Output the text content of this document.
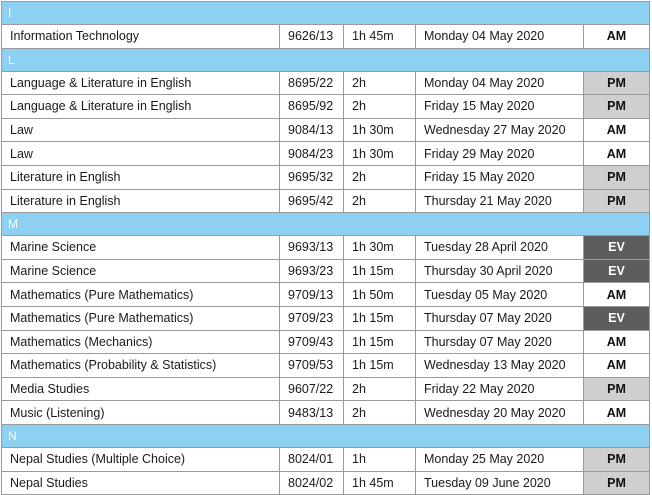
I				
Information Technology	9626/13	1h 45m	Monday 04 May 2020	AM
L				
Language & Literature in English	8695/22	2h	Monday 04 May 2020	PM
Language & Literature in English	8695/92	2h	Friday 15 May 2020	PM
Law	9084/13	1h 30m	Wednesday 27 May 2020	AM
Law	9084/23	1h 30m	Friday 29 May 2020	AM
Literature in English	9695/32	2h	Friday 15 May 2020	PM
Literature in English	9695/42	2h	Thursday 21 May 2020	PM
M				
Marine Science	9693/13	1h 30m	Tuesday 28 April 2020	EV
Marine Science	9693/23	1h 15m	Thursday 30 April 2020	EV
Mathematics (Pure Mathematics)	9709/13	1h 50m	Tuesday 05 May 2020	AM
Mathematics (Pure Mathematics)	9709/23	1h 15m	Thursday 07 May 2020	EV
Mathematics (Mechanics)	9709/43	1h 15m	Thursday 07 May 2020	AM
Mathematics (Probability & Statistics)	9709/53	1h 15m	Wednesday 13 May 2020	AM
Media Studies	9607/22	2h	Friday 22 May 2020	PM
Music (Listening)	9483/13	2h	Wednesday 20 May 2020	AM
N				
Nepal Studies (Multiple Choice)	8024/01	1h	Monday 25 May 2020	PM
Nepal Studies	8024/02	1h 45m	Tuesday 09 June 2020	PM
